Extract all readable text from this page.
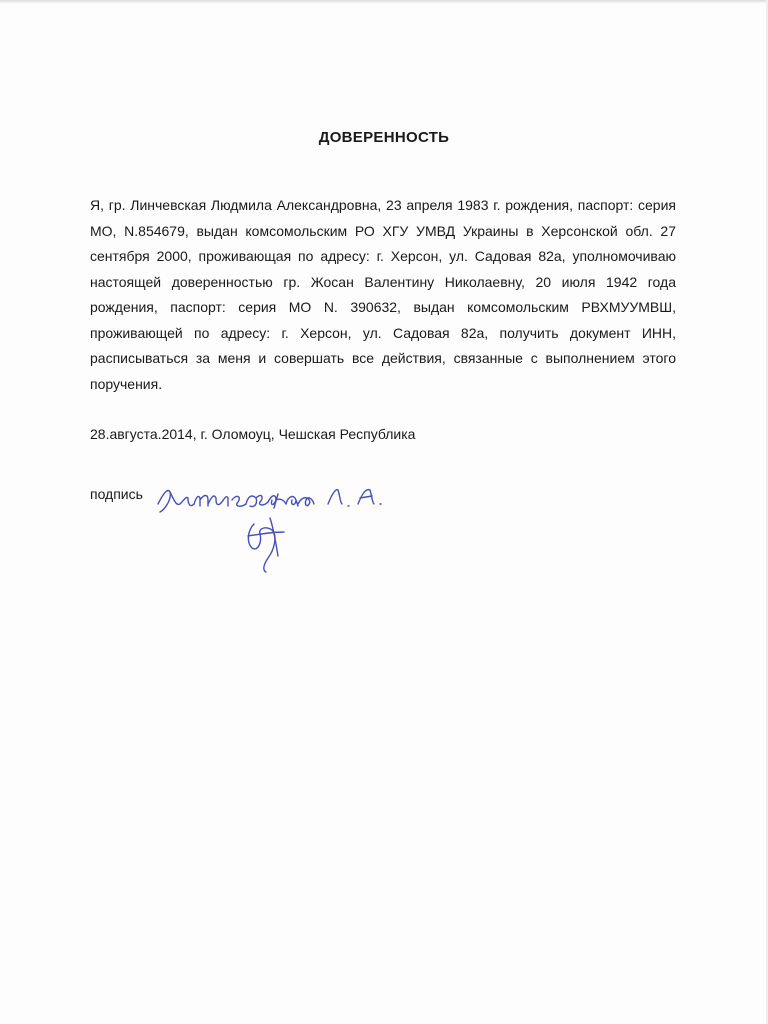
ДОВЕРЕННОСТЬ
Я, гр. Линчевская Людмила Александровна, 23 апреля 1983 г. рождения, паспорт: серия МО, N.854679, выдан комсомольским РО ХГУ УМВД Украины в Херсонской обл. 27 сентября 2000, проживающая по адресу: г. Херсон, ул. Садовая 82а, уполномочиваю настоящей доверенностью гр. Жосан Валентину Николаевну, 20 июля 1942 года рождения, паспорт: серия МО N. 390632, выдан комсомольским РВХМУУМВШ, проживающей по адресу: г. Херсон, ул. Садовая 82а, получить документ ИНН, расписываться за меня и совершать все действия, связанные с выполнением этого поручения.
28.августа.2014, г. Оломоуц, Чешская Республика
подпись
